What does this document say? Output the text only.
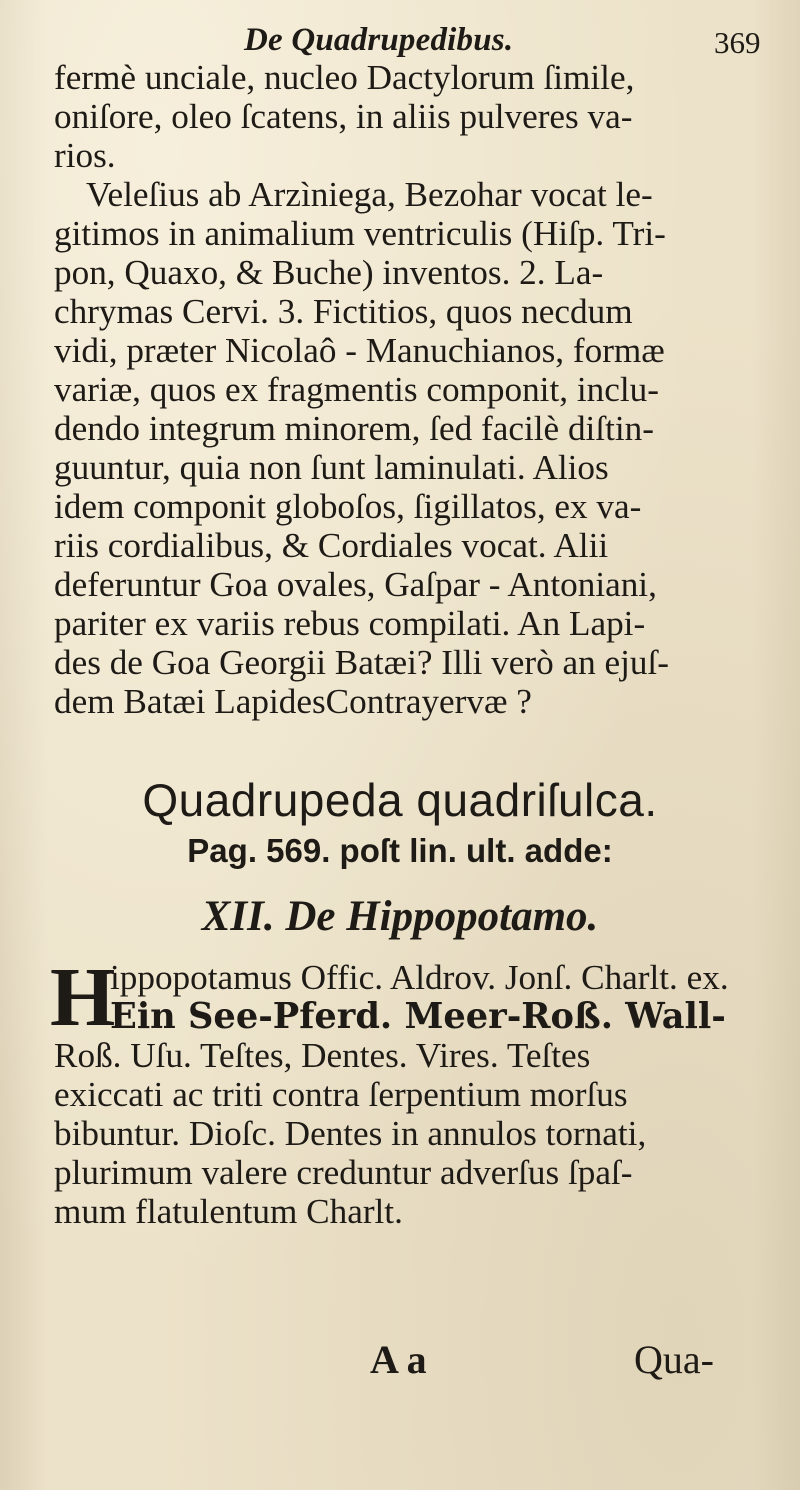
De Quadrupedibus.	369
fermè unciale, nucleo Dactylorum ſimile,
oniſore, oleo ſcatens, in aliis pulveres va-
rios.
Veleſius ab Arzìniega, Bezohar vocat le-
gitimos in animalium ventriculis (Hiſp. Tri-
pon, Quaxo, & Buche) inventos. 2. La-
chrymas Cervi. 3. Fictitios, quos necdum
vidi, præter Nicolaô - Manuchianos, formæ
variæ, quos ex fragmentis componit, inclu-
dendo integrum minorem, ſed facilè diſtin-
guuntur, quia non ſunt laminulati. Alios
idem componit globoſos, ſigillatos, ex va-
riis cordialibus, & Cordiales vocat. Alii
deferuntur Goa ovales, Gaſpar - Antoniani,
pariter ex variis rebus compilati. An Lapi-
des de Goa Georgii Batæi? Illi verò an ejuſ-
dem Batæi LapidesContrayervæ ?
Quadrupeda quadriſulca.
Pag. 569. poſt lin. ult. adde:
XII. De Hippopotamo.
H
ippopotamus Offic. Aldrov. Jonſ. Charlt. ex.
Ein See-Pferd. Meer-Roß. Wall-
Roß. Uſu. Teſtes, Dentes. Vires. Teſtes
exiccati ac triti contra ſerpentium morſus
bibuntur. Dioſc. Dentes in annulos tornati,
plurimum valere creduntur adverſus ſpaſ-
mum flatulentum Charlt.
A a	Qua-
